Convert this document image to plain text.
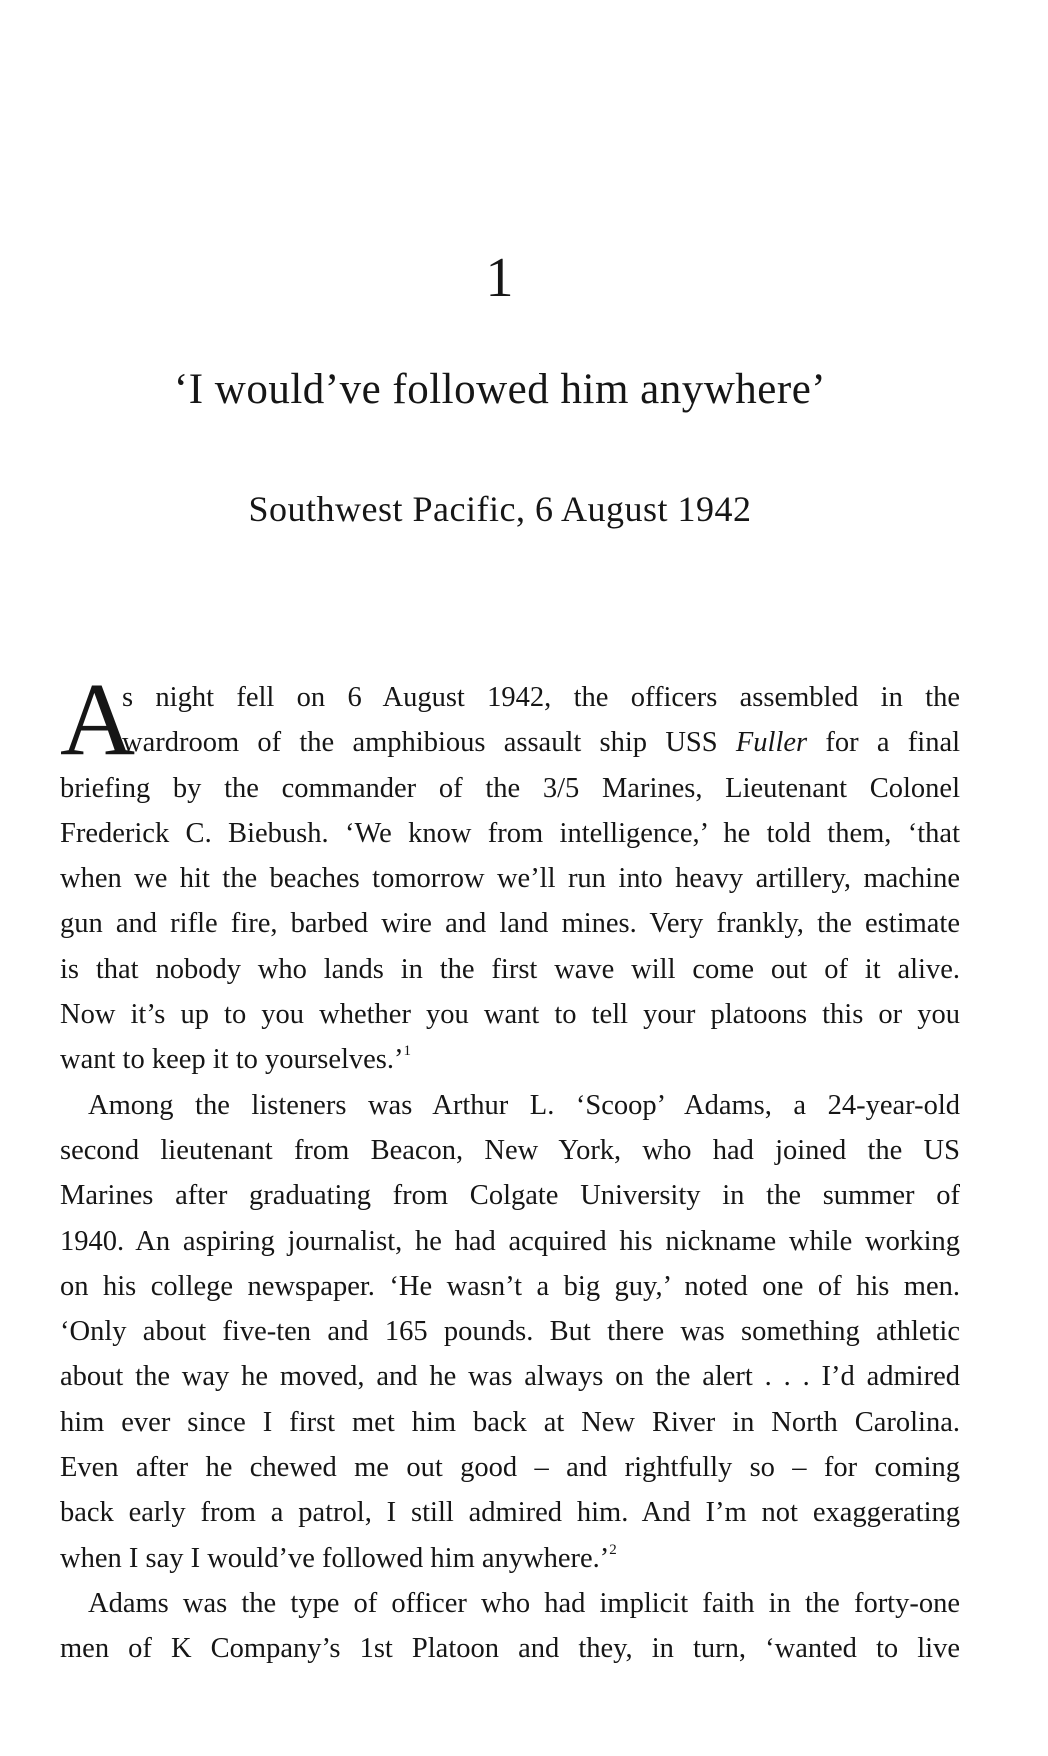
1
‘I would’ve followed him anywhere’
Southwest Pacific, 6 August 1942
A
s night fell on 6 August 1942, the officers assembled in the
wardroom of the amphibious assault ship USS Fuller for a final
briefing by the commander of the 3/5 Marines, Lieutenant Colonel
Frederick C. Biebush. ‘We know from intelligence,’ he told them, ‘that
when we hit the beaches tomorrow we’ll run into heavy artillery, machine
gun and rifle fire, barbed wire and land mines. Very frankly, the estimate
is that nobody who lands in the first wave will come out of it alive.
Now it’s up to you whether you want to tell your platoons this or you
want to keep it to yourselves.’$^1$
Among the listeners was Arthur L. ‘Scoop’ Adams, a 24-year-old
second lieutenant from Beacon, New York, who had joined the US
Marines after graduating from Colgate University in the summer of
1940. An aspiring journalist, he had acquired his nickname while working
on his college newspaper. ‘He wasn’t a big guy,’ noted one of his men.
‘Only about five-ten and 165 pounds. But there was something athletic
about the way he moved, and he was always on the alert . . . I’d admired
him ever since I first met him back at New River in North Carolina.
Even after he chewed me out good – and rightfully so – for coming
back early from a patrol, I still admired him. And I’m not exaggerating
when I say I would’ve followed him anywhere.’$^2$
Adams was the type of officer who had implicit faith in the forty-one
men of K Company’s 1st Platoon and they, in turn, ‘wanted to live
